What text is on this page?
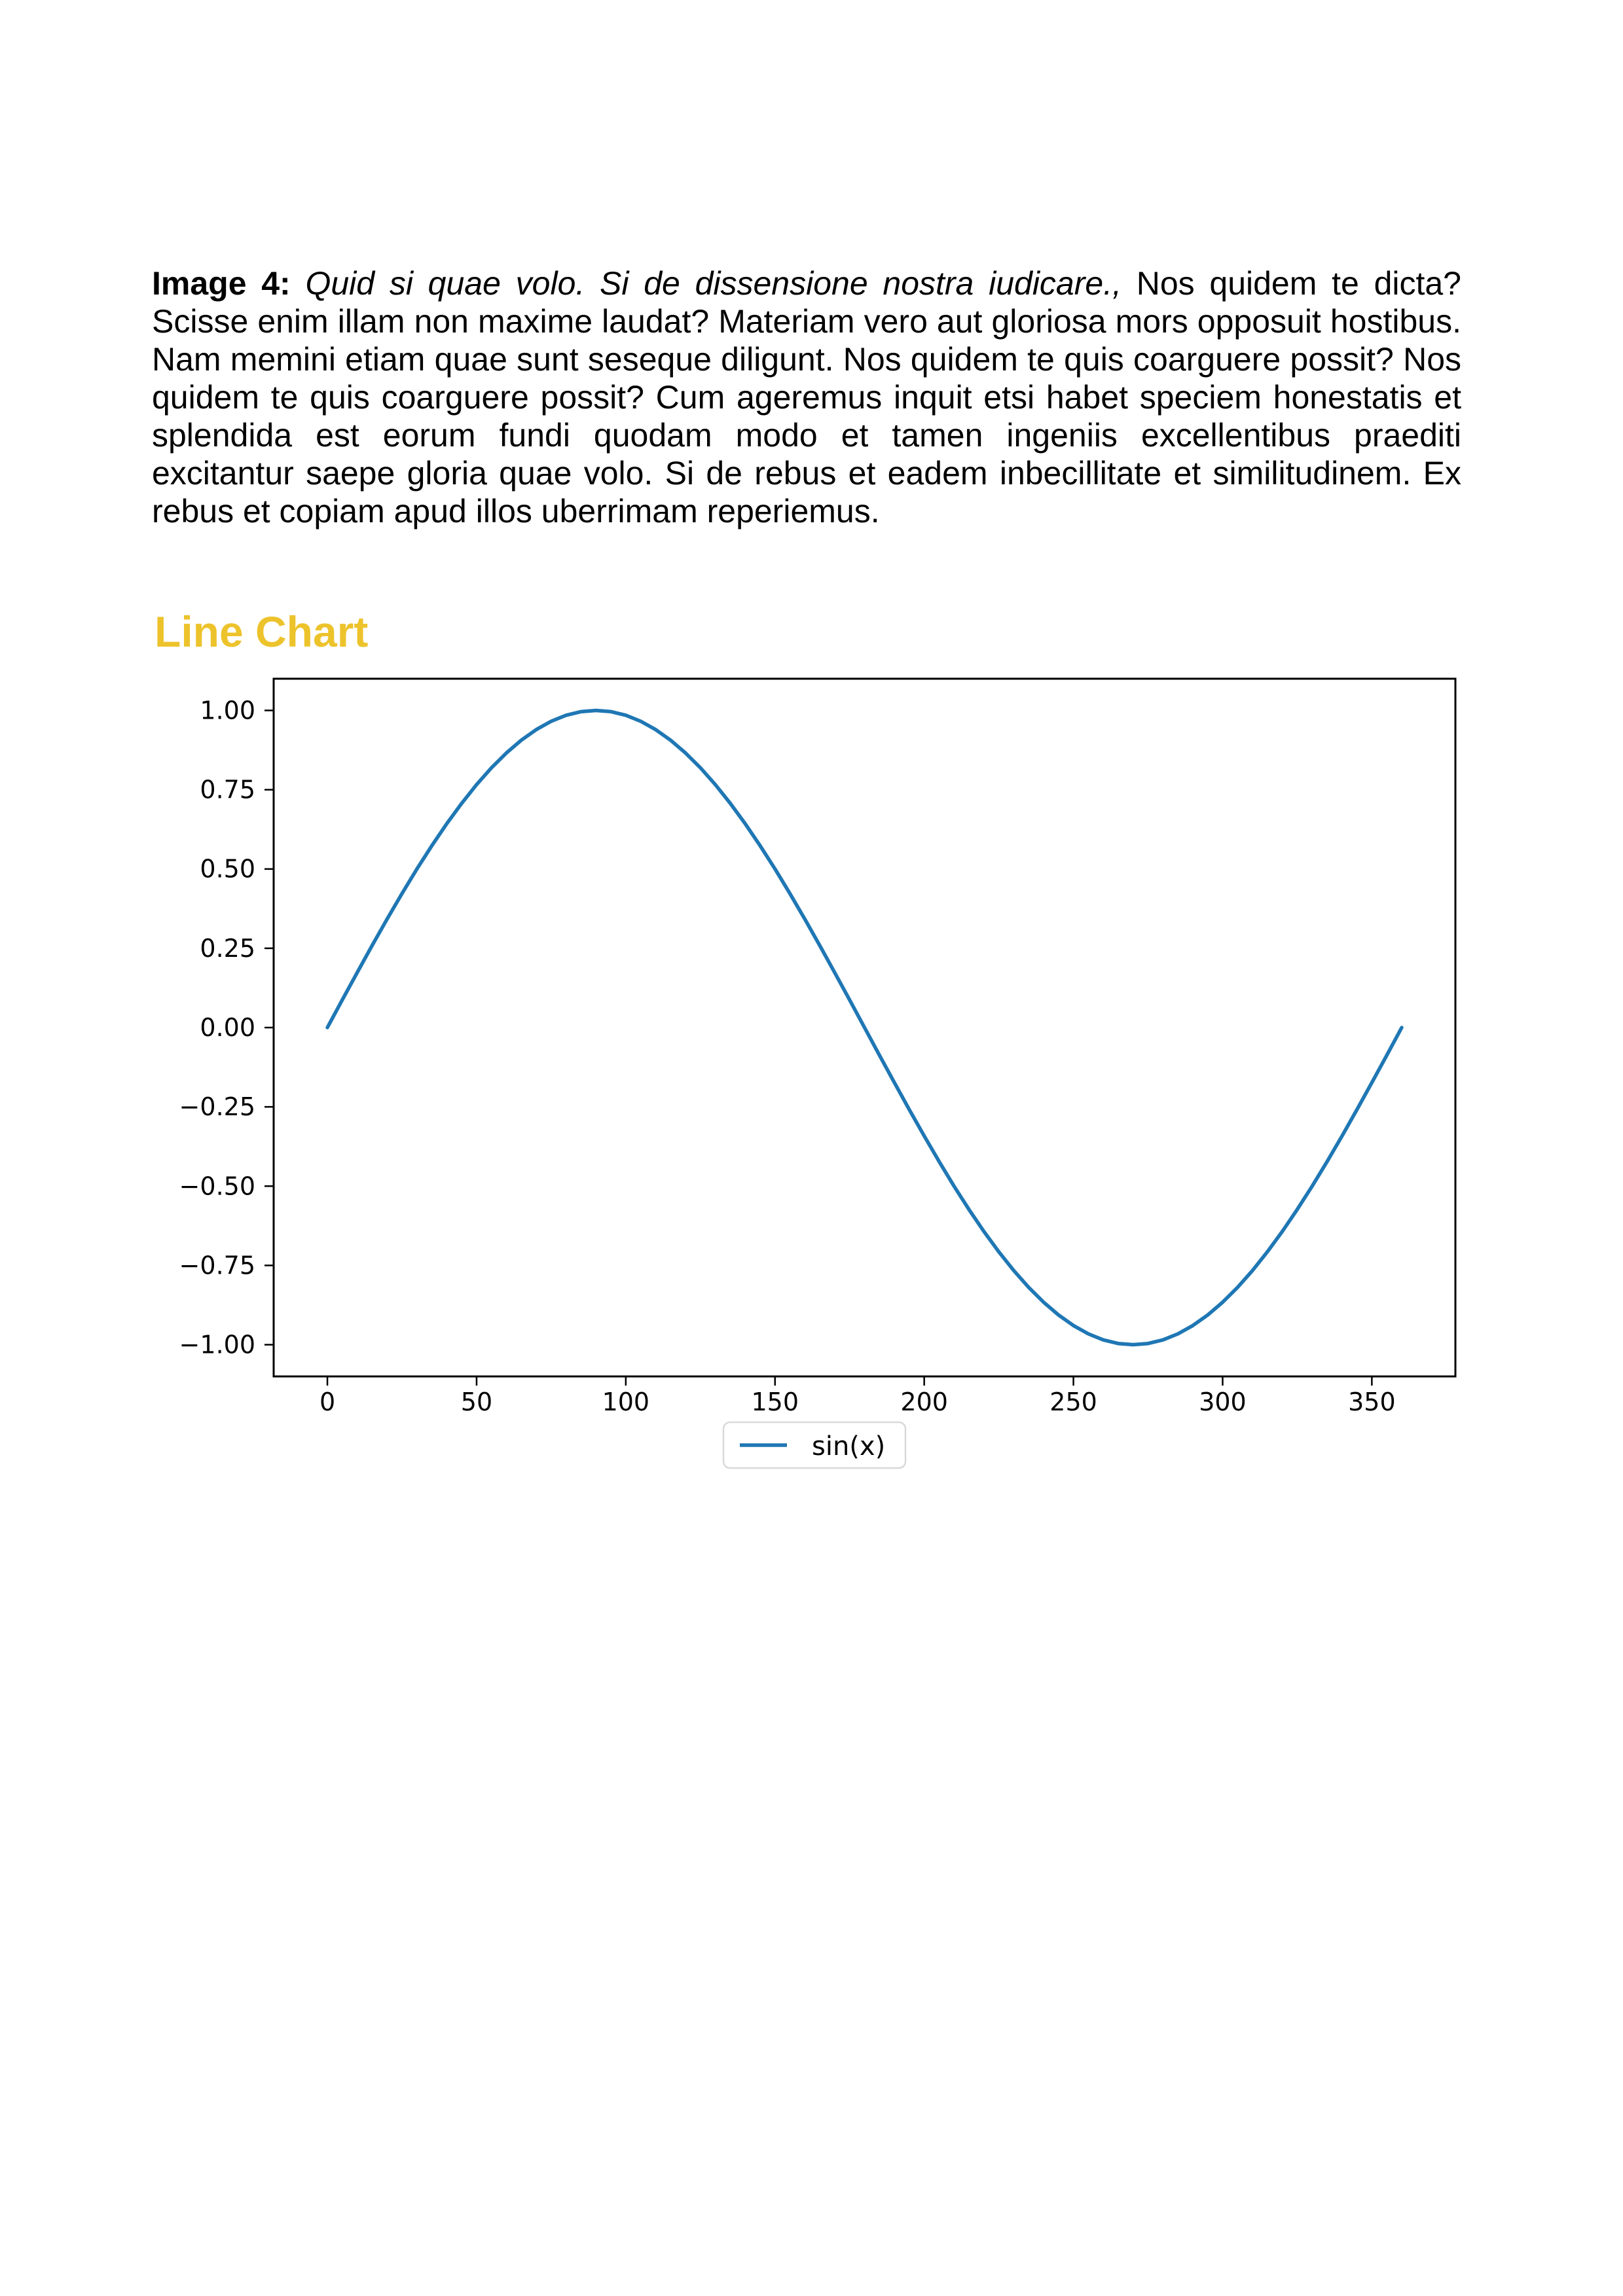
Image 4: Quid si quae volo. Si de dissensione nostra iudicare., Nos quidem te dicta? Scisse enim illam non maxime laudat? Materiam vero aut gloriosa mors opposuit hostibus. Nam memini etiam quae sunt seseque diligunt. Nos quidem te quis coarguere possit? Nos quidem te quis coarguere possit? Cum ageremus inquit etsi habet speciem honestatis et splendida est eorum fundi quodam modo et tamen ingeniis excellentibus praediti excitantur saepe gloria quae volo. Si de rebus et eadem inbecillitate et similitudinem. Ex rebus et copiam apud illos uberrimam reperiemus.

Line Chart
1.00
0.75
0.50
0.25
0.00
−0.25
−0.50
−0.75
−1.00
0	50	100	150	200	250	300	350
sin(x)
